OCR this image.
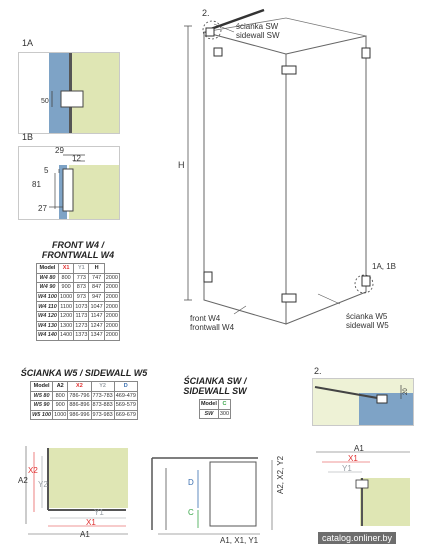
1A
50
1B
29
12
5
81
27
2.
H
ścianka SW
sidewall SW
1A, 1B
front W4
frontwall W4
ścianka W5
sidewall W5
FRONT W4 /
FRONTWALL W4
Model	X1	Y1	H	
W4 80	800	773	747	2000
W4 90	900	873	847	2000
W4 100	1000	973	947	2000
W4 110	1100	1073	1047	2000
W4 120	1200	1173	1147	2000
W4 130	1300	1273	1247	2000
W4 140	1400	1373	1347	2000
ŚCIANKA W5 / SIDEWALL W5
Model	A2	X2	Y2	D
W5 80	800	786-796	773-783	469-479
W5 90	900	886-896	873-883	569-579
W5 100	1000	986-996	973-983	669-679
ŚCIANKA SW /
SIDEWALL SW
Model	C
SW	300
2.
20
A2
X2
Y2
Y1
X1
A1
D
C
A2, X2, Y2
A1, X1, Y1
A1
X1
Y1
catalog.onliner.by
